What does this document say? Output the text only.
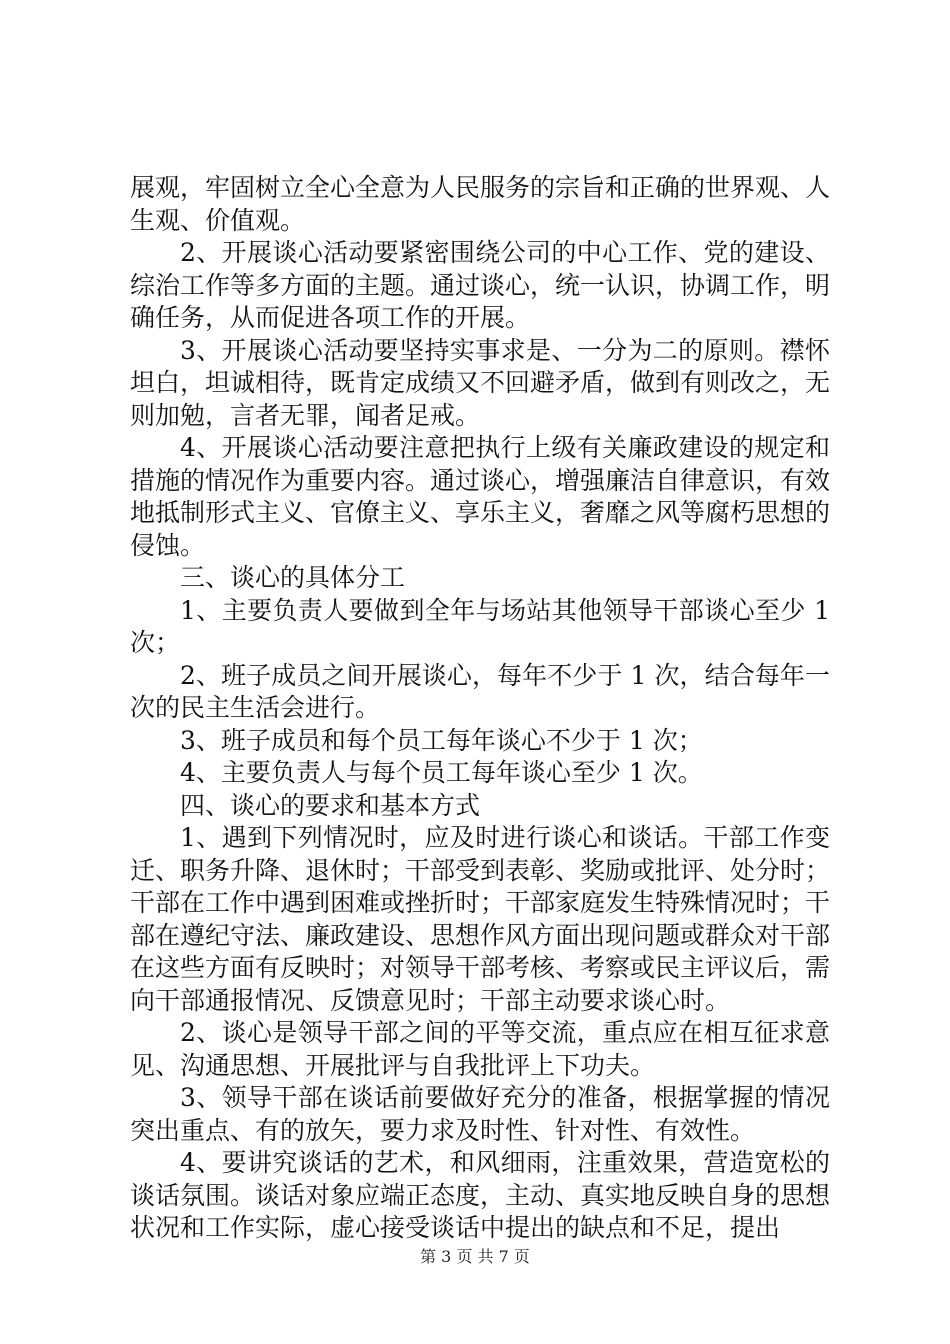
展观，牢固树立全心全意为人民服务的宗旨和正确的世界观、人生观、价值观。

2、开展谈心活动要紧密围绕公司的中心工作、党的建设、综治工作等多方面的主题。通过谈心，统一认识，协调工作，明确任务，从而促进各项工作的开展。

3、开展谈心活动要坚持实事求是、一分为二的原则。襟怀坦白，坦诚相待，既肯定成绩又不回避矛盾，做到有则改之，无则加勉，言者无罪，闻者足戒。

4、开展谈心活动要注意把执行上级有关廉政建设的规定和措施的情况作为重要内容。通过谈心，增强廉洁自律意识，有效地抵制形式主义、官僚主义、享乐主义，奢靡之风等腐朽思想的侵蚀。

三、谈心的具体分工

1、主要负责人要做到全年与场站其他领导干部谈心至少 1次；

2、班子成员之间开展谈心，每年不少于 1 次，结合每年一次的民主生活会进行。

3、班子成员和每个员工每年谈心不少于 1 次；

4、主要负责人与每个员工每年谈心至少 1 次。

四、谈心的要求和基本方式

1、遇到下列情况时，应及时进行谈心和谈话。干部工作变迁、职务升降、退休时；干部受到表彰、奖励或批评、处分时；干部在工作中遇到困难或挫折时；干部家庭发生特殊情况时；干部在遵纪守法、廉政建设、思想作风方面出现问题或群众对干部在这些方面有反映时；对领导干部考核、考察或民主评议后，需向干部通报情况、反馈意见时；干部主动要求谈心时。

2、谈心是领导干部之间的平等交流，重点应在相互征求意见、沟通思想、开展批评与自我批评上下功夫。

3、领导干部在谈话前要做好充分的准备，根据掌握的情况突出重点、有的放矢，要力求及时性、针对性、有效性。

4、要讲究谈话的艺术，和风细雨，注重效果，营造宽松的谈话氛围。谈话对象应端正态度，主动、真实地反映自身的思想状况和工作实际，虚心接受谈话中提出的缺点和不足，提出

第 3 页 共 7 页
